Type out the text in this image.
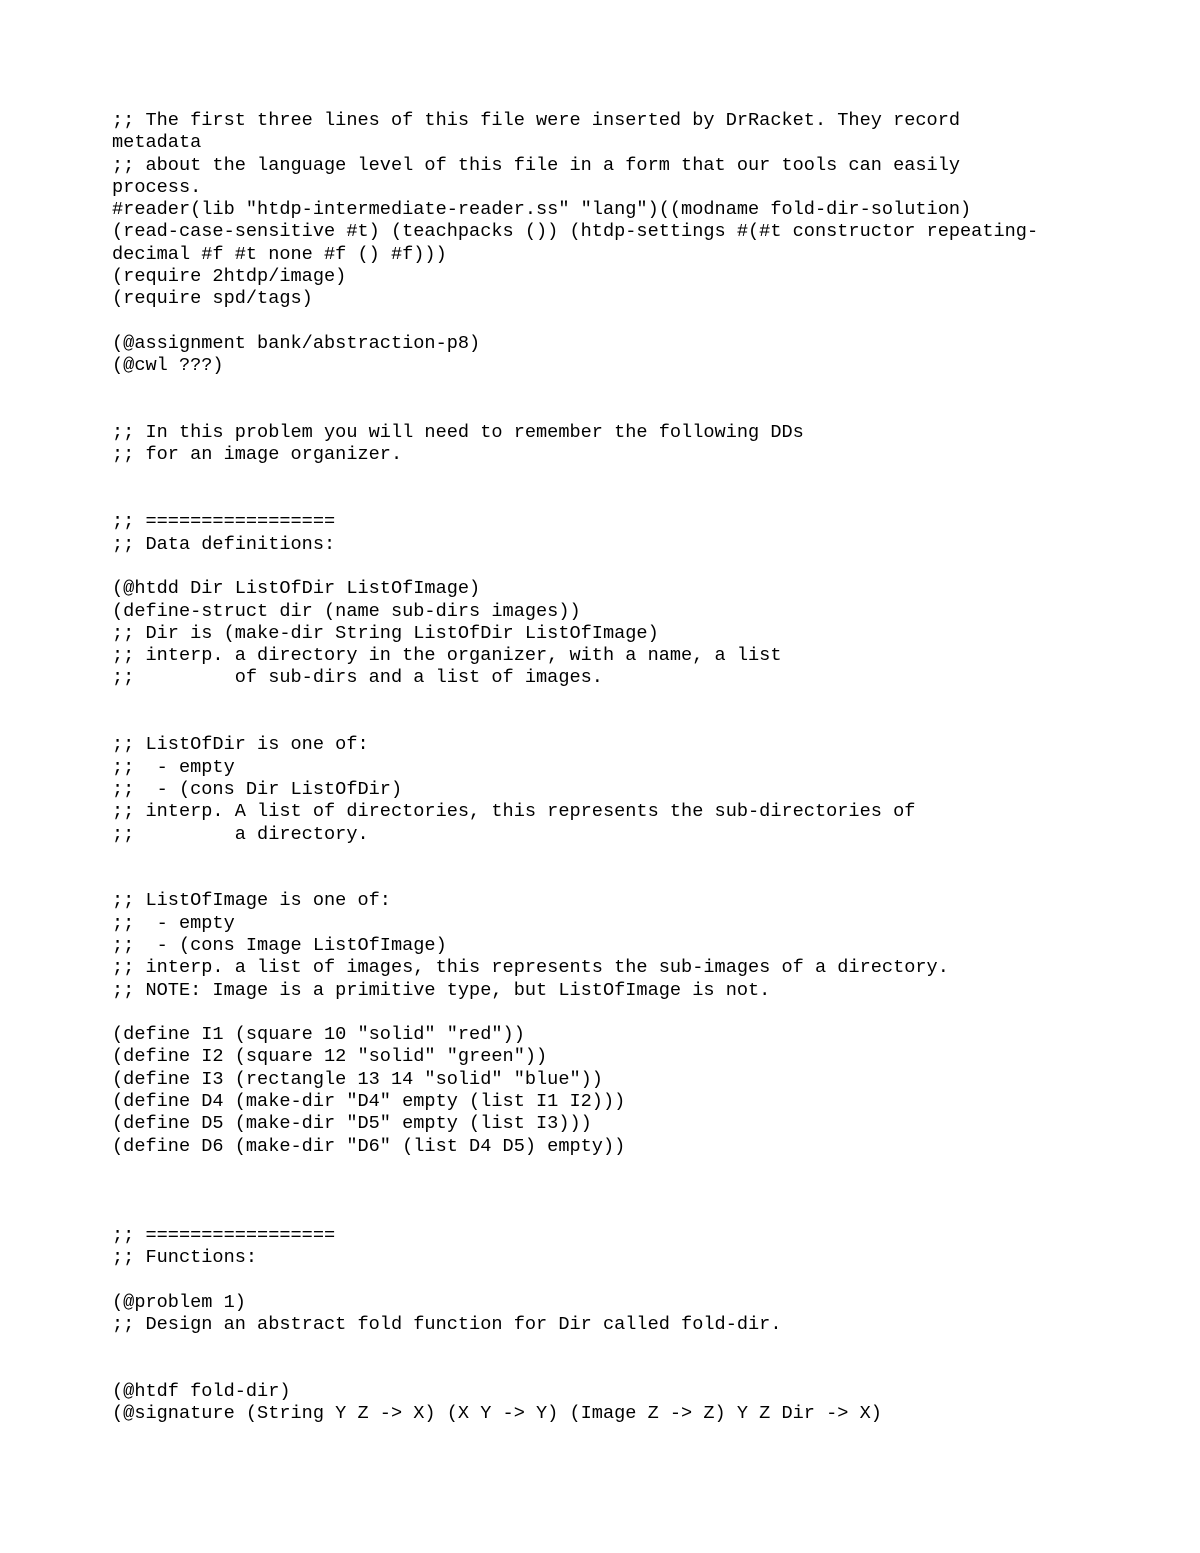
;; The first three lines of this file were inserted by DrRacket. They record
metadata
;; about the language level of this file in a form that our tools can easily
process.
#reader(lib "htdp-intermediate-reader.ss" "lang")((modname fold-dir-solution)
(read-case-sensitive #t) (teachpacks ()) (htdp-settings #(#t constructor repeating-
decimal #f #t none #f () #f)))
(require 2htdp/image)
(require spd/tags)
(@assignment bank/abstraction-p8)
(@cwl ???)
;; In this problem you will need to remember the following DDs
;; for an image organizer.
;; =================
;; Data definitions:
(@htdd Dir ListOfDir ListOfImage)
(define-struct dir (name sub-dirs images))
;; Dir is (make-dir String ListOfDir ListOfImage)
;; interp. a directory in the organizer, with a name, a list
;;         of sub-dirs and a list of images.
;; ListOfDir is one of:
;;  - empty
;;  - (cons Dir ListOfDir)
;; interp. A list of directories, this represents the sub-directories of
;;         a directory.
;; ListOfImage is one of:
;;  - empty
;;  - (cons Image ListOfImage)
;; interp. a list of images, this represents the sub-images of a directory.
;; NOTE: Image is a primitive type, but ListOfImage is not.
(define I1 (square 10 "solid" "red"))
(define I2 (square 12 "solid" "green"))
(define I3 (rectangle 13 14 "solid" "blue"))
(define D4 (make-dir "D4" empty (list I1 I2)))
(define D5 (make-dir "D5" empty (list I3)))
(define D6 (make-dir "D6" (list D4 D5) empty))
;; =================
;; Functions:
(@problem 1)
;; Design an abstract fold function for Dir called fold-dir.
(@htdf fold-dir)
(@signature (String Y Z -> X) (X Y -> Y) (Image Z -> Z) Y Z Dir -> X)
